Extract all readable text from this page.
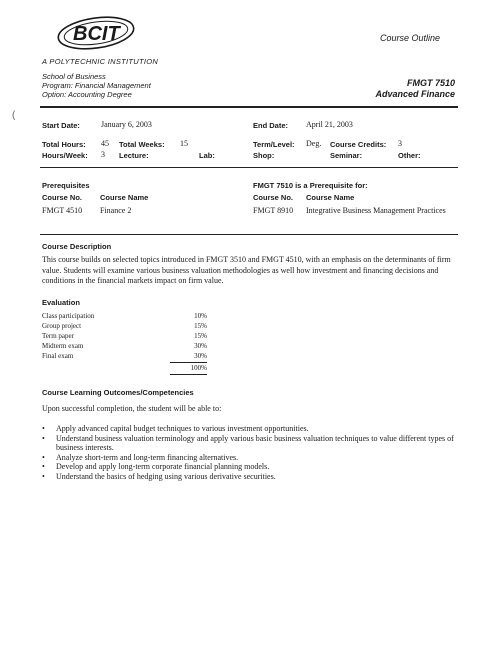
BCIT
A POLYTECHNIC INSTITUTION
Course Outline
School of Business
Program: Financial Management
Option: Accounting Degree
FMGT 7510
Advanced Finance
(
Start Date:	January 6, 2003	End Date: April 21, 2003
Total Hours: 45 Total Weeks: 15	Term/Level: Deg. Course Credits: 3
Hours/Week: 3 Lecture:	Lab:	Shop:	Seminar:	Other:
Prerequisites
Course No. Course Name
FMGT 4510 Finance 2
FMGT 7510 is a Prerequisite for:
Course No. Course Name
FMGT 8910 Integrative Business Management Practices
Course Description
This course builds on selected topics introduced in FMGT 3510 and FMGT 4510, with an emphasis on the determinants of firm value. Students will examine various business valuation methodologies as well how investment and financing decisions and conditions in the financial markets impact on firm value.
Evaluation
Class participation	10%
Group project	15%
Term paper	15%
Midterm exam	30%
Final exam	30%
100%
Course Learning Outcomes/Competencies
Upon successful completion, the student will be able to:
• Apply advanced capital budget techniques to various investment opportunities.
• Understand business valuation terminology and apply various basic business valuation techniques to value different types of business interests.
• Analyze short-term and long-term financing alternatives.
• Develop and apply long-term corporate financial planning models.
• Understand the basics of hedging using various derivative securities.
